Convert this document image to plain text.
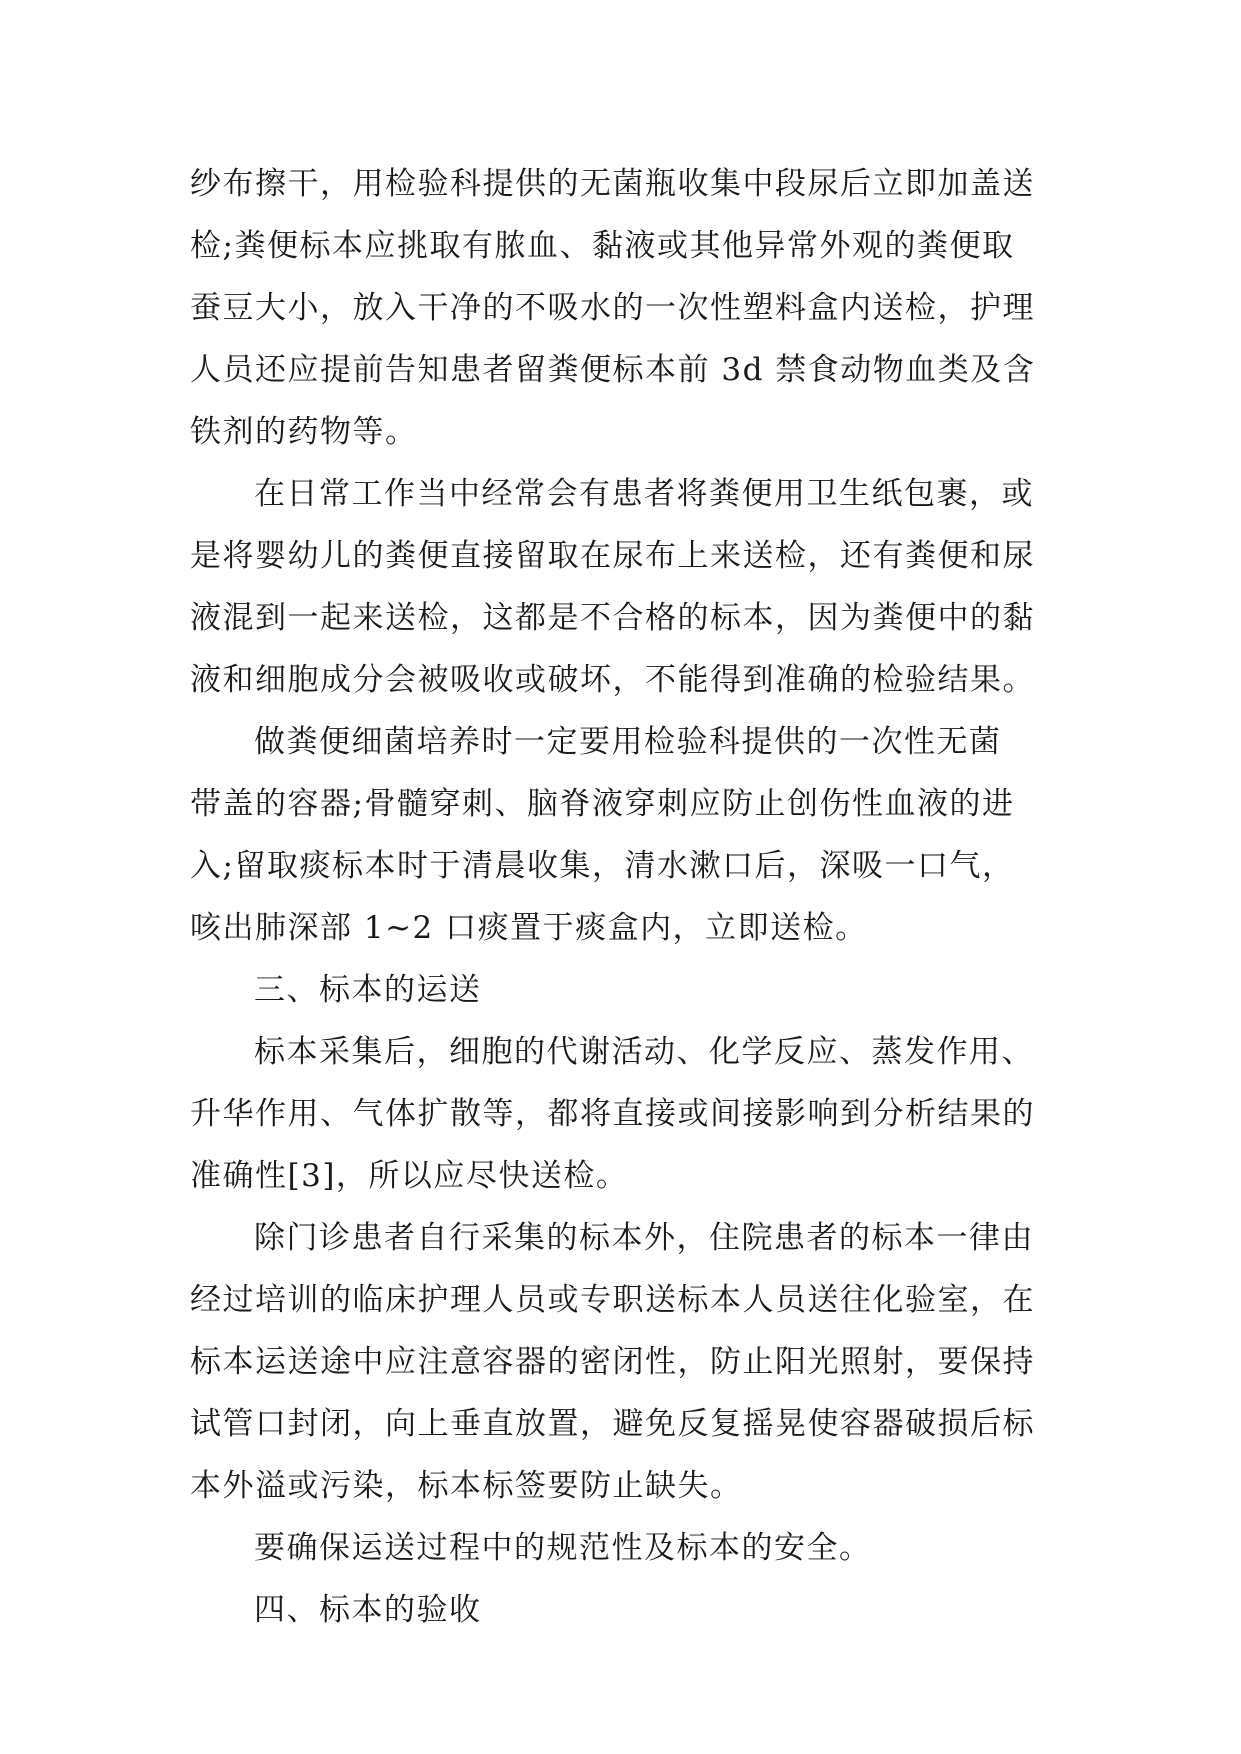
纱布擦干，用检验科提供的无菌瓶收集中段尿后立即加盖送
检;粪便标本应挑取有脓血、黏液或其他异常外观的粪便取
蚕豆大小，放入干净的不吸水的一次性塑料盒内送检，护理
人员还应提前告知患者留粪便标本前 3d 禁食动物血类及含
铁剂的药物等。
在日常工作当中经常会有患者将粪便用卫生纸包裹，或
是将婴幼儿的粪便直接留取在尿布上来送检，还有粪便和尿
液混到一起来送检，这都是不合格的标本，因为粪便中的黏
液和细胞成分会被吸收或破坏，不能得到准确的检验结果。
做粪便细菌培养时一定要用检验科提供的一次性无菌
带盖的容器;骨髓穿刺、脑脊液穿刺应防止创伤性血液的进
入;留取痰标本时于清晨收集，清水漱口后，深吸一口气，
咳出肺深部 1~2 口痰置于痰盒内，立即送检。
三、标本的运送
标本采集后，细胞的代谢活动、化学反应、蒸发作用、
升华作用、气体扩散等，都将直接或间接影响到分析结果的
准确性[3]，所以应尽快送检。
除门诊患者自行采集的标本外，住院患者的标本一律由
经过培训的临床护理人员或专职送标本人员送往化验室，在
标本运送途中应注意容器的密闭性，防止阳光照射，要保持
试管口封闭，向上垂直放置，避免反复摇晃使容器破损后标
本外溢或污染，标本标签要防止缺失。
要确保运送过程中的规范性及标本的安全。
四、标本的验收
